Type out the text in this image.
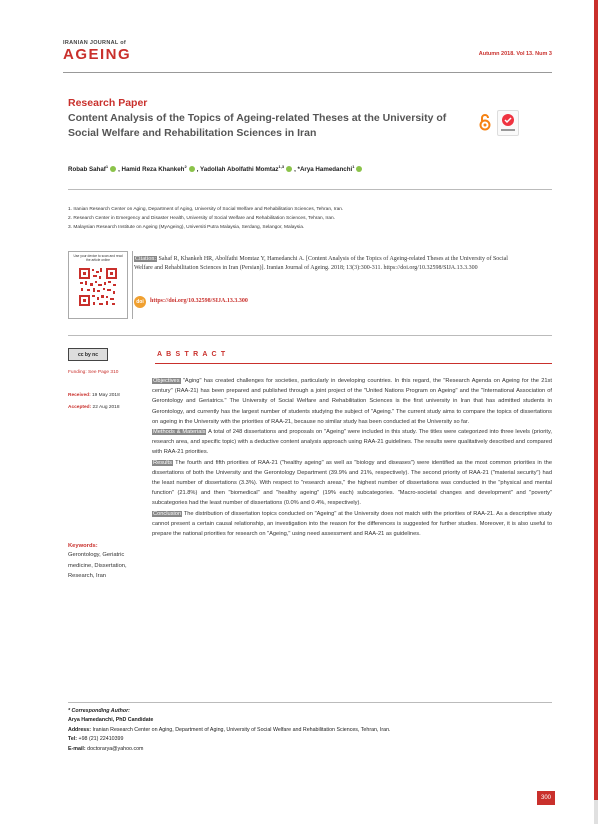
IRANIAN JOURNAL of
AGEING	Autumn 2018. Vol 13. Num 3
Research Paper
Content Analysis of the Topics of Ageing-related Theses at the University of Social Welfare and Rehabilitation Sciences in Iran
Robab Sahaf$^1$ , Hamid Reza Khankeh$^2$ , Yadollah Abolfathi Momtaz$^{1,3}$ , *Arya Hamedanchi$^1$
1. Iranian Research Center on Aging, Department of Aging, University of Social Welfare and Rehabilitation Sciences, Tehran, Iran.
2. Research Center in Emergency and Disaster Health, University of Social Welfare and Rehabilitation Sciences, Tehran, Iran.
3. Malaysian Research Institute on Ageing (MyAgeing), Universiti Putra Malaysia, Serdang, Selangor, Malaysia.
Use your device to scan and read the article online	Citation: Sahaf R, Khankeh HR, Abolfathi Momtaz Y, Hamedanchi A. [Content Analysis of the Topics of Ageing-related Theses at the University of Social Welfare and Rehabilitation Sciences in Iran (Persian)]. Iranian Journal of Ageing. 2018; 13(3):300-311. https://doi.org/10.32598/SIJA.13.3.300
doi	https://doi.org/10.32598/SIJA.13.3.300
cc by nc
Funding: See Page 310
Received: 19 May 2018
Accepted: 22 Aug 2018
A B S T R A C T
Objectives "Aging" has created challenges for societies, particularly in developing countries. In this regard, the "Research Agenda on Ageing for the 21st century" (RAA-21) has been prepared and published through a joint project of the "United Nations Program on Ageing" and the "International Association of Gerontology and Geriatrics." The University of Social Welfare and Rehabilitation Sciences is the first university in Iran that has admitted students in Gerontology, and currently has the largest number of students studying the subject of "Ageing." The current study aims to compare the topics of dissertations on ageing in the University with the priorities of RAA-21, because no similar study has been conducted at the University so far.
Methods & Materials A total of 248 dissertations and proposals on "Ageing" were included in this study. The titles were categorized into three levels (priority, research area, and specific topic) with a deductive content analysis approach using RAA-21 guidelines. The results were qualitatively described and compared with RAA-21 priorities.
Results The fourth and fifth priorities of RAA-21 ("healthy ageing" as well as "biology and diseases") were identified as the most common priorities in the dissertations of both the University and the Gerontology Department (39.9% and 21%, respectively). The second priority of RAA-21 ("material security") had the least number of dissertations (3.3%). With respect to "research areas," the highest number of dissertations was conducted in the "physical and mental function" (21.8%) and then "biomedical" and "healthy ageing" (19% each) subcategories. "Macro-societal changes and development" and "poverty" subcategories had the least number of dissertations (0.0% and 0.4%, respectively).
Conclusion The distribution of dissertation topics conducted on "Ageing" at the University does not match with the priorities of RAA-21. As a descriptive study cannot present a certain causal relationship, an investigation into the reason for the differences is suggested for further studies. Moreover, it is also useful to prepare the national priorities for research on "Ageing," using need assessment and RAA-21 as guidelines.
Keywords:
Gerontology, Geriatric medicine, Dissertation, Research, Iran
* Corresponding Author:
Arya Hamedanchi, PhD Candidate
Address: Iranian Research Center on Aging, Department of Aging, University of Social Welfare and Rehabilitation Sciences, Tehran, Iran.
Tel: +98 (21) 22410399
E-mail: doctorarya@yahoo.com
300
